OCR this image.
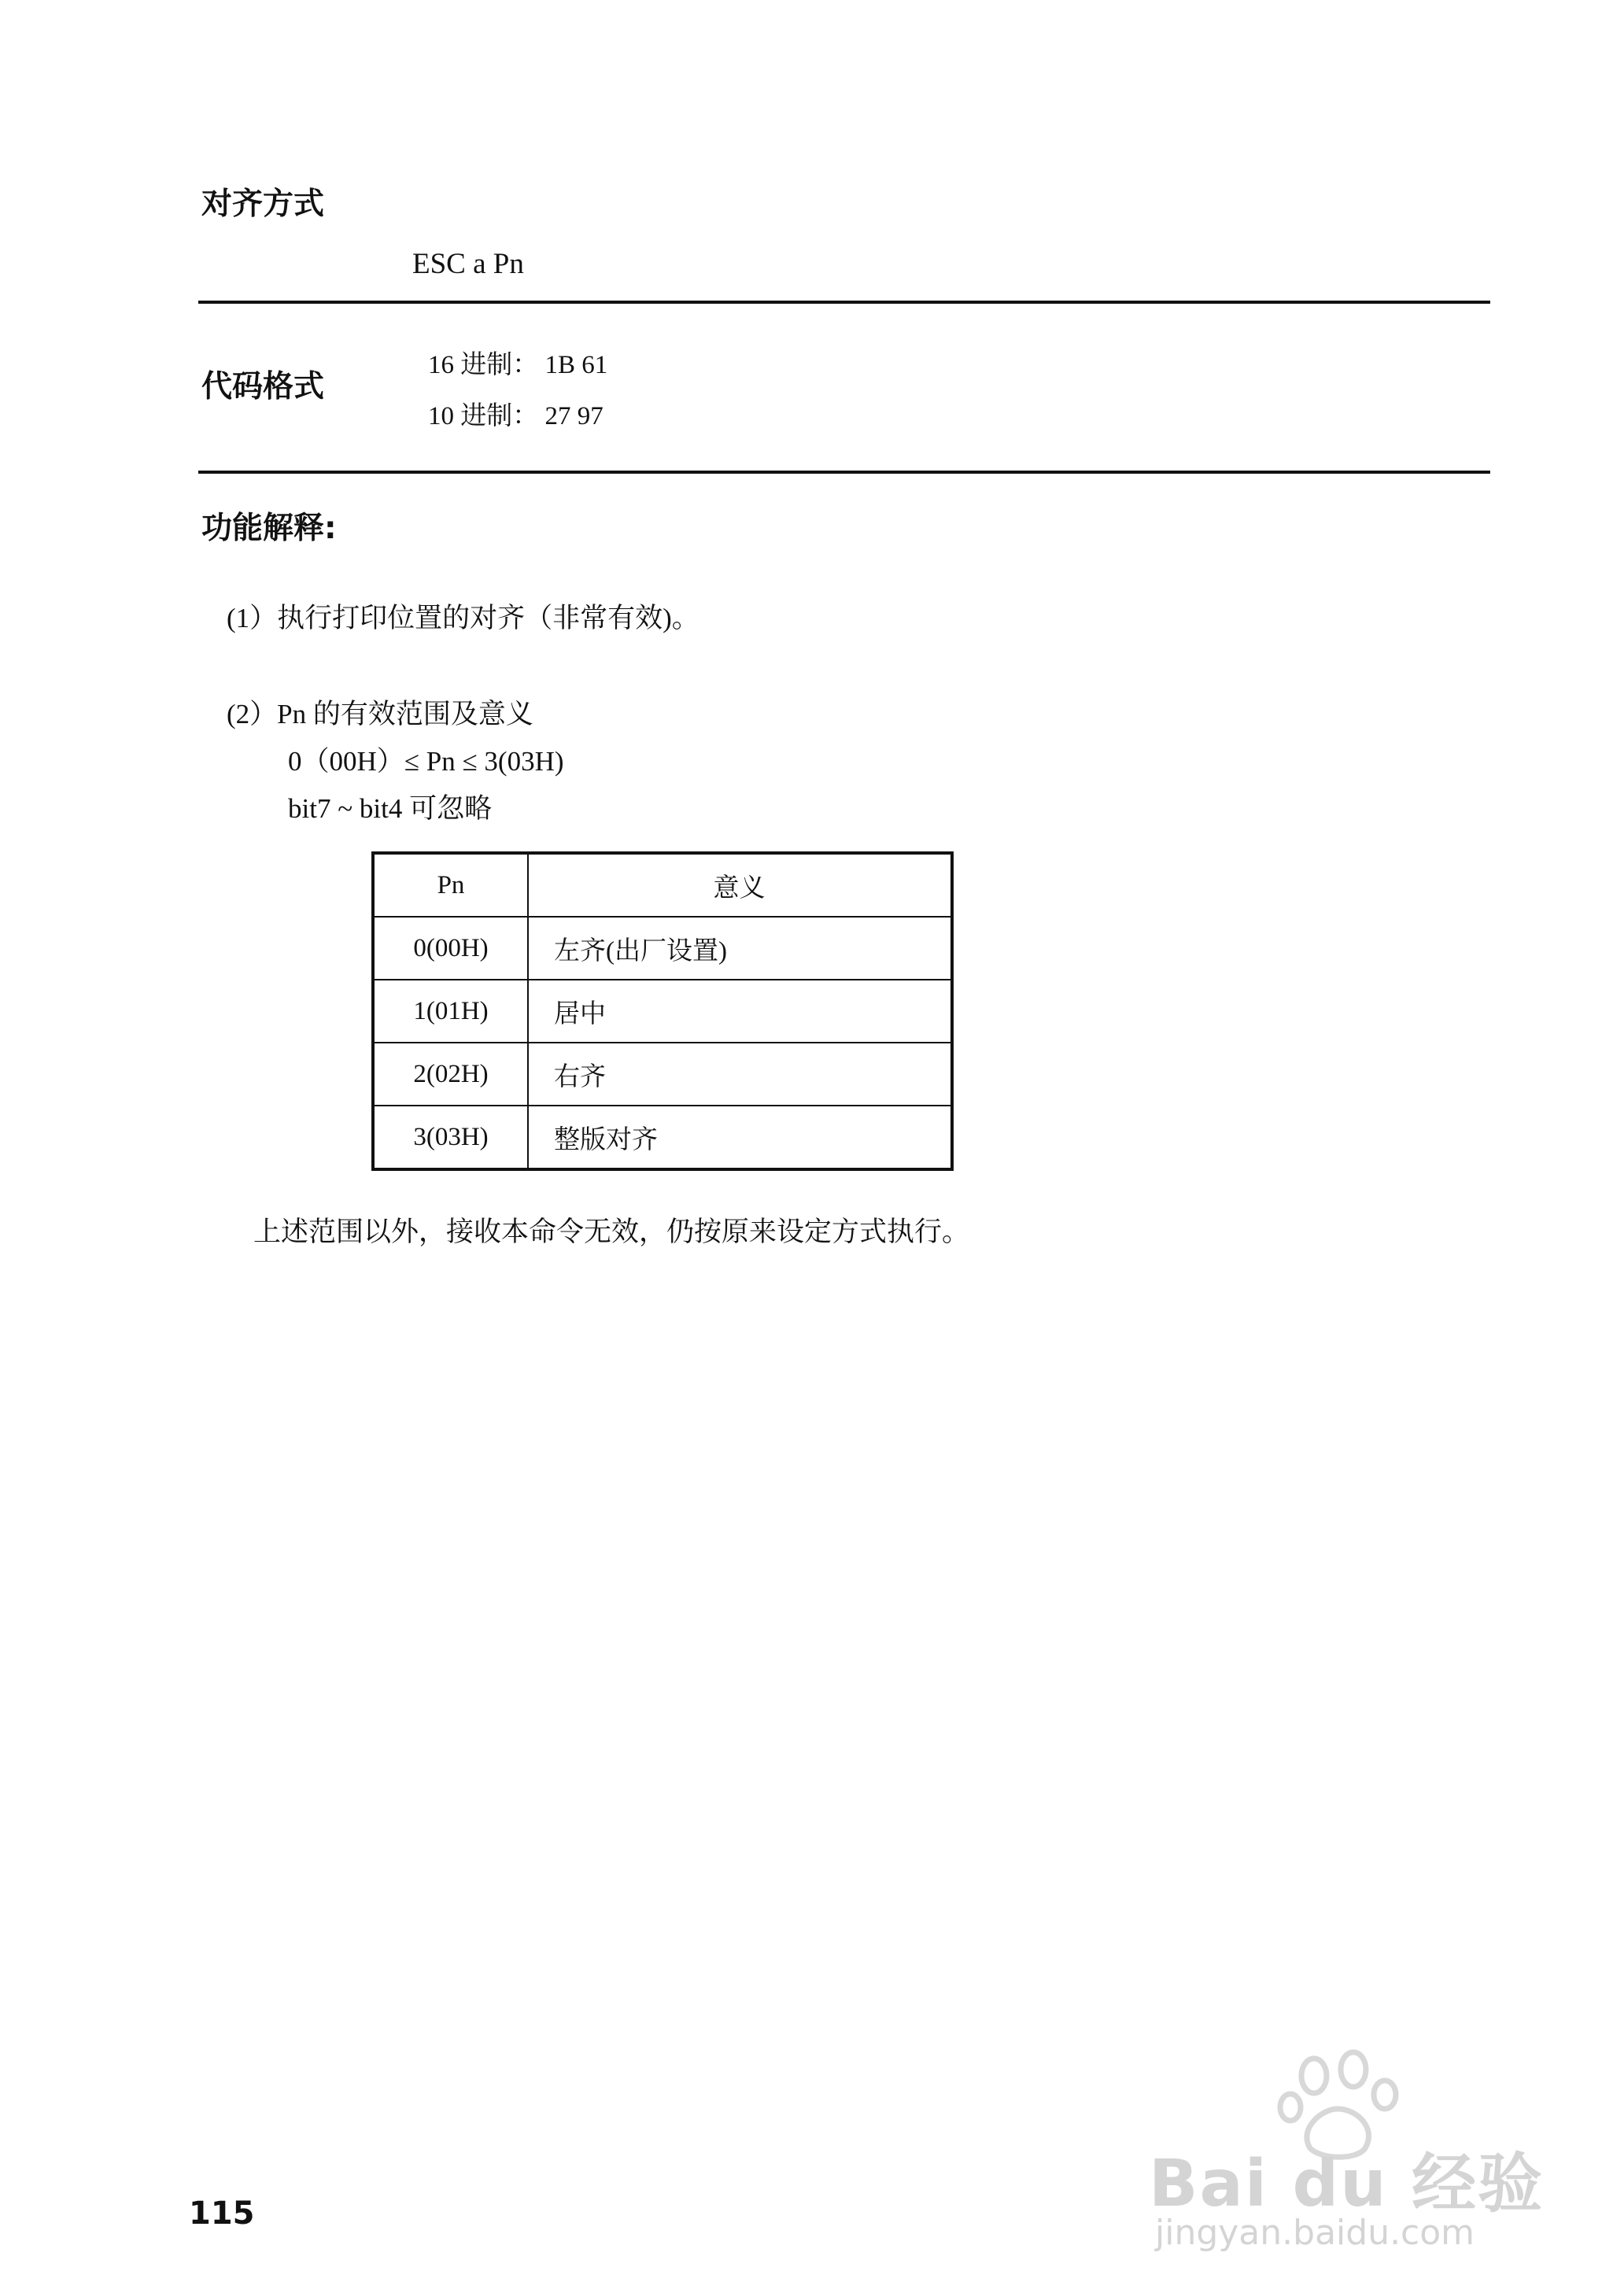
对齐方式
ESC a Pn
代码格式
16 进制： 1B 61
10 进制： 27 97
功能解释:
(1）执行打印位置的对齐（非常有效)。
(2）Pn 的有效范围及意义
0（00H）≤ Pn ≤ 3(03H)
bit7 ~ bit4 可忽略
Pn	意义
0(00H)	左齐(出厂设置)
1(01H)	居中
2(02H)	右齐
3(03H)	整版对齐
上述范围以外，接收本命令无效，仍按原来设定方式执行。
115	Bai du 经验
jingyan.baidu.com
